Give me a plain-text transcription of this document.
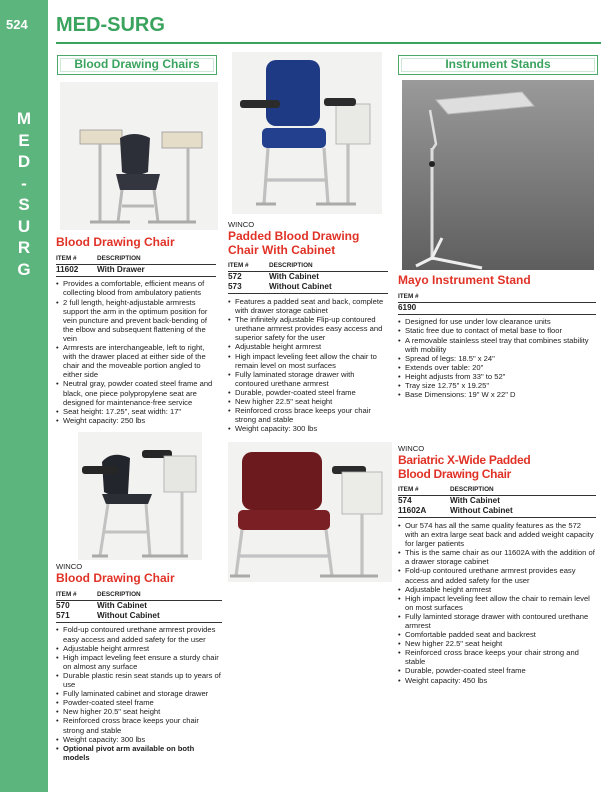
524	MED-SURG
M
E
D
-
S
U
R
G
Blood Drawing Chairs	Instrument Stands
Blood Drawing Chair
ITEM #	DESCRIPTION
11602	With Drawer
• Provides a comfortable, efficient means of collecting blood from ambulatory patients
• 2 full length, height-adjustable armrests support the arm in the optimum position for vein puncture and prevent back-bending of the elbow and subsequent flattening of the vein
• Armrests are interchangeable, left to right, with the drawer placed at either side of the chair and the moveable portion angled to either side
• Neutral gray, powder coated steel frame and black, one piece polypropylene seat are designed for maintenance-free service
• Seat height: 17.25", seat width: 17"
• Weight capacity: 250 lbs
WINCO
Padded Blood Drawing
Chair With Cabinet
ITEM #	DESCRIPTION
572	With Cabinet
573	Without Cabinet
• Features a padded seat and back, complete with drawer storage cabinet
• The infinitely adjustable Flip-up contoured urethane armrest provides easy access and superior safety for the user
• Adjustable height armrest
• High impact leveling feet allow the chair to remain level on most surfaces
• Fully laminated storage drawer with contoured urethane armrest
• Durable, powder-coated steel frame
• New higher 22.5" seat height
• Reinforced cross brace keeps your chair strong and stable
• Weight capacity: 300 lbs
Mayo Instrument Stand
ITEM #
6190
• Designed for use under low clearance units
• Static free due to contact of metal base to floor
• A removable stainless steel tray that combines stability with mobility
• Spread of legs: 18.5" x 24"
• Extends over table: 20"
• Height adjusts from 33" to 52"
• Tray size 12.75" x 19.25"
• Base Dimensions: 19" W x 22" D
WINCO
Blood Drawing Chair
ITEM #	DESCRIPTION
570	With Cabinet
571	Without Cabinet
• Fold-up contoured urethane armrest provides easy access and added safety for the user
• Adjustable height armrest
• High impact leveling feet ensure a sturdy chair on almost any surface
• Durable plastic resin seat stands up to years of use
• Fully laminated cabinet and storage drawer
• Powder-coated steel frame
• New higher 20.5" seat height
• Reinforced cross brace keeps your chair strong and stable
• Weight capacity: 300 lbs
• Optional pivot arm available on both models
WINCO
Bariatric X-Wide Padded
Blood Drawing Chair
ITEM #	DESCRIPTION
574	With Cabinet
11602A	Without Cabinet
• Our 574 has all the same quality features as the 572 with an extra large seat back and added weight capacity for larger patients
• This is the same chair as our 11602A with the addition of a drawer storage cabinet
• Fold-up contoured urethane armrest provides easy access and added safety for the user
• Adjustable height armrest
• High impact leveling feet allow the chair to remain level on most surfaces
• Fully laminted storage drawer with contoured urethane armrest
• Comfortable padded seat and backrest
• New higher 22.5" seat height
• Reinforced cross brace keeps your chair strong and stable
• Durable, powder-coated steel frame
• Weight capacity: 450 lbs
